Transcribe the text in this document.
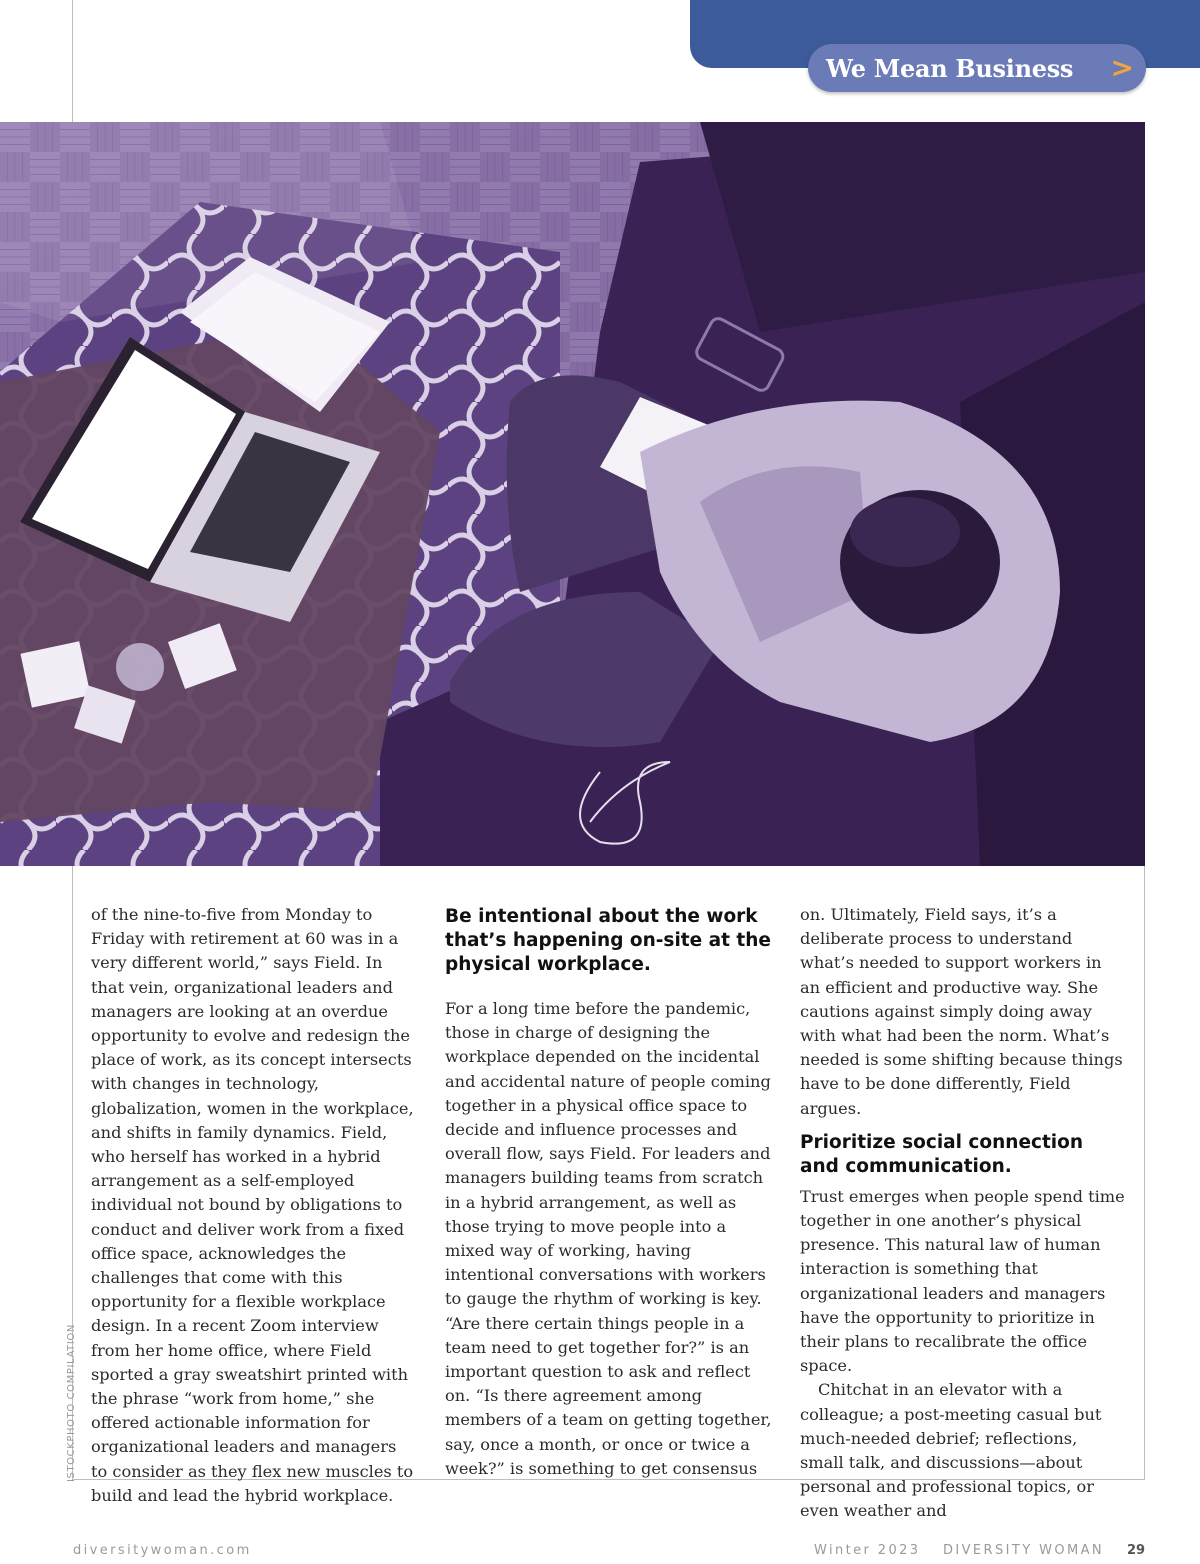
We Mean Business >

of the nine-to-five from Monday to Friday with retirement at 60 was in a very different world,” says Field. In that vein, organizational leaders and managers are looking at an overdue opportunity to evolve and redesign the place of work, as its concept intersects with changes in technology, globalization, women in the workplace, and shifts in family dynamics. Field, who herself has worked in a hybrid arrangement as a self-employed individual not bound by obligations to conduct and deliver work from a fixed office space, acknowledges the challenges that come with this opportunity for a flexible workplace design. In a recent Zoom interview from her home office, where Field sported a gray sweatshirt printed with the phrase “work from home,” she offered actionable information for organizational leaders and managers to consider as they flex new muscles to build and lead the hybrid workplace.

Be intentional about the work that’s happening on-site at the physical workplace.

For a long time before the pandemic, those in charge of designing the workplace depended on the incidental and accidental nature of people coming together in a physical office space to decide and influence processes and overall flow, says Field. For leaders and managers building teams from scratch in a hybrid arrangement, as well as those trying to move people into a mixed way of working, having intentional conversations with workers to gauge the rhythm of working is key. “Are there certain things people in a team need to get together for?” is an important question to ask and reflect on. “Is there agreement among members of a team on getting together, say, once a month, or once or twice a week?” is something to get consensus

on. Ultimately, Field says, it’s a deliberate process to understand what’s needed to support workers in an efficient and productive way. She cautions against simply doing away with what had been the norm. What’s needed is some shifting because things have to be done differently, Field argues.

Prioritize social connection and communication.

Trust emerges when people spend time together in one another’s physical presence. This natural law of human interaction is something that organizational leaders and managers have the opportunity to prioritize in their plans to recalibrate the office space.

Chitchat in an elevator with a colleague; a post-meeting casual but much-needed debrief; reflections, small talk, and discussions—about personal and professional topics, or even weather and

ISTOCKPHOTO COMPILATION
diversitywoman.com	Winter 2023 DIVERSITY WOMAN 29
